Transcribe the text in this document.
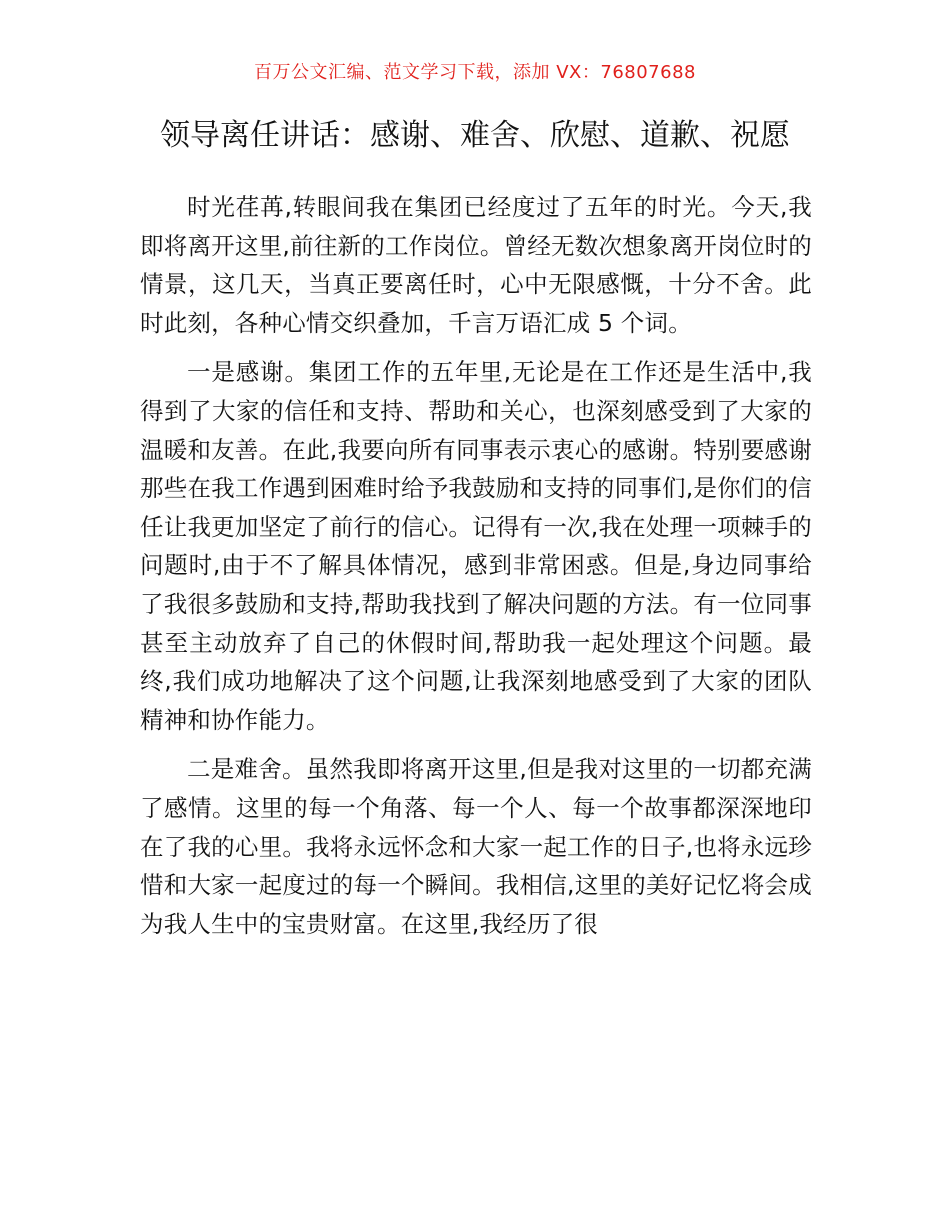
百万公文汇编、范文学习下载，添加 VX：76807688
领导离任讲话：感谢、难舍、欣慰、道歉、祝愿

时光荏苒,转眼间我在集团已经度过了五年的时光。今天,我即将离开这里,前往新的工作岗位。曾经无数次想象离开岗位时的情景，这几天，当真正要离任时，心中无限感慨，十分不舍。此时此刻，各种心情交织叠加，千言万语汇成 5 个词。

一是感谢。集团工作的五年里,无论是在工作还是生活中,我得到了大家的信任和支持、帮助和关心，也深刻感受到了大家的温暖和友善。在此,我要向所有同事表示衷心的感谢。特别要感谢那些在我工作遇到困难时给予我鼓励和支持的同事们,是你们的信任让我更加坚定了前行的信心。记得有一次,我在处理一项棘手的问题时,由于不了解具体情况，感到非常困惑。但是,身边同事给了我很多鼓励和支持,帮助我找到了解决问题的方法。有一位同事甚至主动放弃了自己的休假时间,帮助我一起处理这个问题。最终,我们成功地解决了这个问题,让我深刻地感受到了大家的团队精神和协作能力。

二是难舍。虽然我即将离开这里,但是我对这里的一切都充满了感情。这里的每一个角落、每一个人、每一个故事都深深地印在了我的心里。我将永远怀念和大家一起工作的日子,也将永远珍惜和大家一起度过的每一个瞬间。我相信,这里的美好记忆将会成为我人生中的宝贵财富。在这里,我经历了很
